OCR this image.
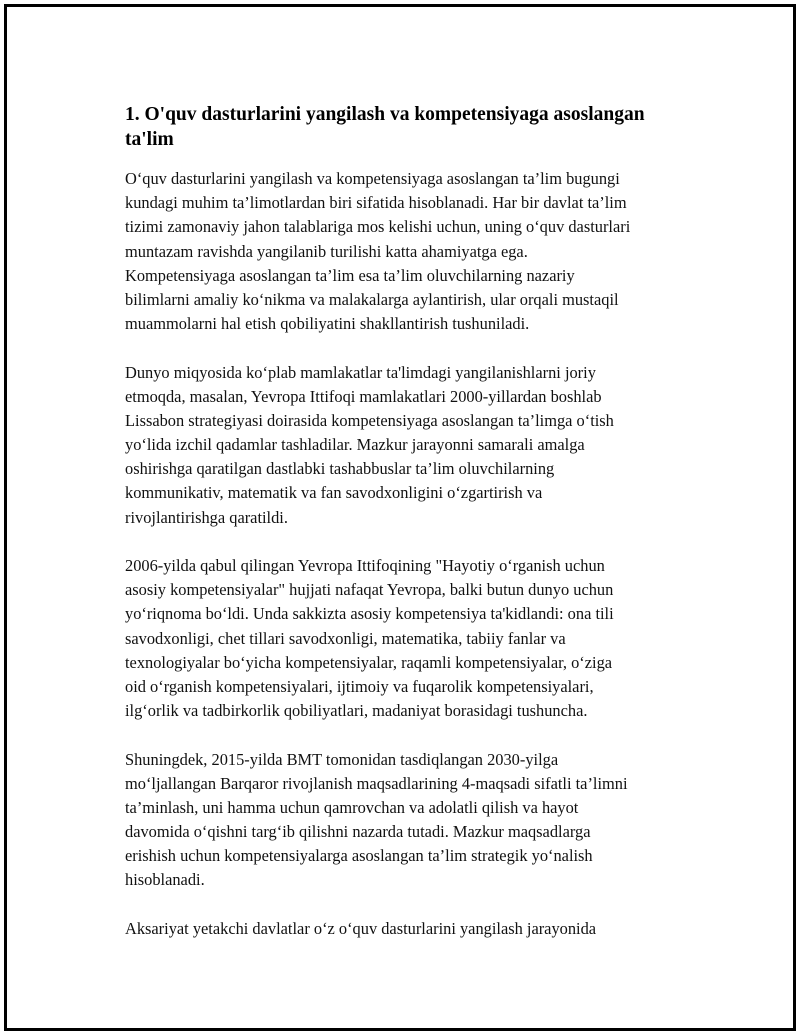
1. O'quv dasturlarini yangilash va kompetensiyaga asoslangan
ta'lim

O‘quv dasturlarini yangilash va kompetensiyaga asoslangan ta’lim bugungi
kundagi muhim ta’limotlardan biri sifatida hisoblanadi. Har bir davlat ta’lim
tizimi zamonaviy jahon talablariga mos kelishi uchun, uning o‘quv dasturlari
muntazam ravishda yangilanib turilishi katta ahamiyatga ega.
Kompetensiyaga asoslangan ta’lim esa ta’lim oluvchilarning nazariy
bilimlarni amaliy ko‘nikma va malakalarga aylantirish, ular orqali mustaqil
muammolarni hal etish qobiliyatini shakllantirish tushuniladi.

Dunyo miqyosida ko‘plab mamlakatlar ta'limdagi yangilanishlarni joriy
etmoqda, masalan, Yevropa Ittifoqi mamlakatlari 2000-yillardan boshlab
Lissabon strategiyasi doirasida kompetensiyaga asoslangan ta’limga o‘tish
yo‘lida izchil qadamlar tashladilar. Mazkur jarayonni samarali amalga
oshirishga qaratilgan dastlabki tashabbuslar ta’lim oluvchilarning
kommunikativ, matematik va fan savodxonligini o‘zgartirish va
rivojlantirishga qaratildi.

2006-yilda qabul qilingan Yevropa Ittifoqining "Hayotiy o‘rganish uchun
asosiy kompetensiyalar" hujjati nafaqat Yevropa, balki butun dunyo uchun
yo‘riqnoma bo‘ldi. Unda sakkizta asosiy kompetensiya ta'kidlandi: ona tili
savodxonligi, chet tillari savodxonligi, matematika, tabiiy fanlar va
texnologiyalar bo‘yicha kompetensiyalar, raqamli kompetensiyalar, o‘ziga
oid o‘rganish kompetensiyalari, ijtimoiy va fuqarolik kompetensiyalari,
ilg‘orlik va tadbirkorlik qobiliyatlari, madaniyat borasidagi tushuncha.

Shuningdek, 2015-yilda BMT tomonidan tasdiqlangan 2030-yilga
mo‘ljallangan Barqaror rivojlanish maqsadlarining 4-maqsadi sifatli ta’limni
ta’minlash, uni hamma uchun qamrovchan va adolatli qilish va hayot
davomida o‘qishni targ‘ib qilishni nazarda tutadi. Mazkur maqsadlarga
erishish uchun kompetensiyalarga asoslangan ta’lim strategik yo‘nalish
hisoblanadi.

Aksariyat yetakchi davlatlar o‘z o‘quv dasturlarini yangilash jarayonida
